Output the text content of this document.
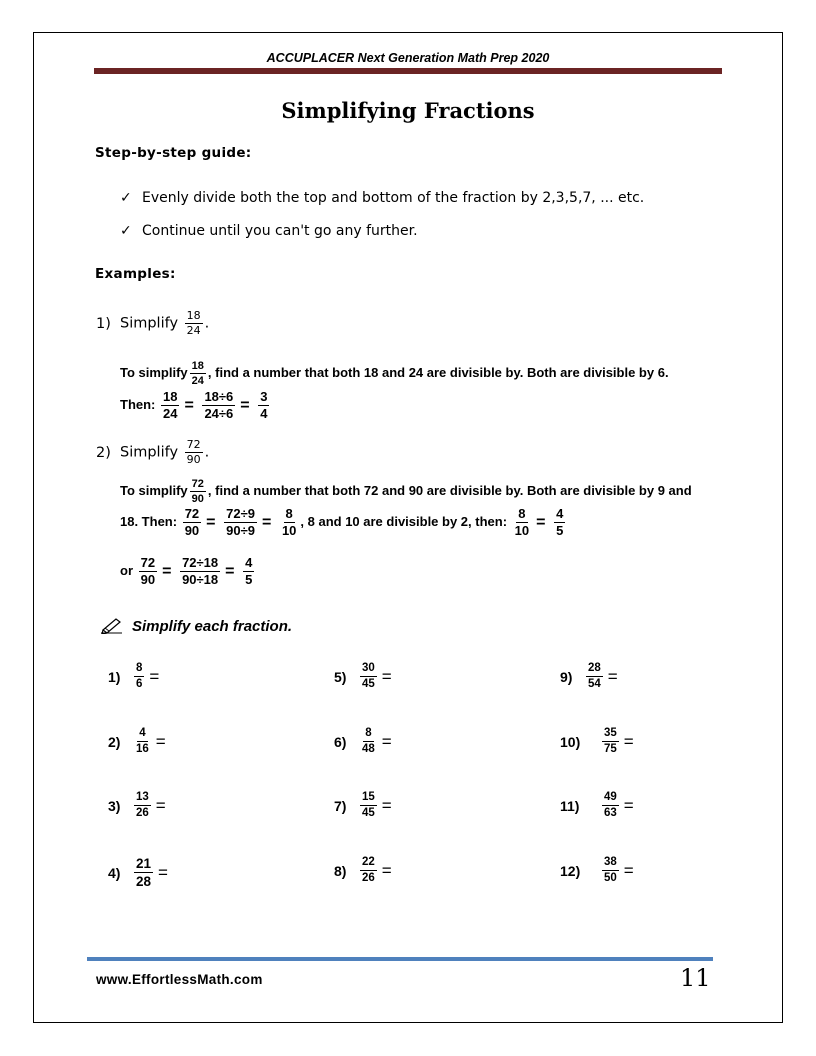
ACCUPLACER Next Generation Math Prep 2020
Simplifying Fractions
Step-by-step guide:
✓ Evenly divide both the top and bottom of the fraction by 2,3,5,7, ... etc.
✓ Continue until you can't go any further.
Examples:
1) Simplify $\frac{18}{24}$ .
To simplify $\frac{18}{24}$ , find a number that both 18 and 24 are divisible by. Both are divisible by 6.
Then: $\frac{18}{24} = \frac{18\div 6}{24\div 6} = \frac{3}{4}$
2) Simplify $\frac{72}{90}$ .
To simplify $\frac{72}{90}$ , find a number that both 72 and 90 are divisible by. Both are divisible by 9 and
18. Then: $\frac{72}{90} = \frac{72\div 9}{90\div 9} = \frac{8}{10}$ , 8 and 10 are divisible by 2, then: $\frac{8}{10} = \frac{4}{5}$
or $\frac{72}{90} = \frac{72\div 18}{90\div 18} = \frac{4}{5}$
Simplify each fraction.
1)	$\frac{8}{6}$ =
2)	$\frac{4}{16}$ =
3)	$\frac{13}{26}$ =
4)	$\frac{21}{28}$ =
5)	$\frac{30}{45}$ =
6)	$\frac{8}{48}$ =
7)	$\frac{15}{45}$ =
8)	$\frac{22}{26}$ =
9)	$\frac{28}{54}$ =
10)	$\frac{35}{75}$ =
11)	$\frac{49}{63}$ =
12)	$\frac{38}{50}$ =
www.EffortlessMath.com	11
